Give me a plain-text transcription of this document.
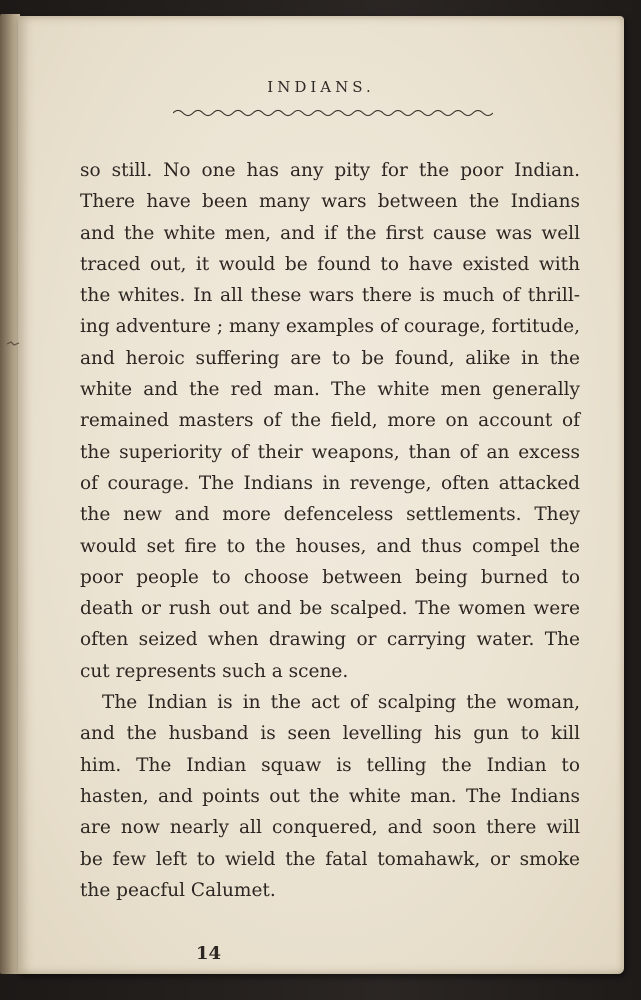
INDIANS.
so still. No one has any pity for the poor Indian.
There have been many wars between the Indians
and the white men, and if the first cause was well
traced out, it would be found to have existed with
the whites. In all these wars there is much of thrill-
ing adventure ; many examples of courage, fortitude,
and heroic suffering are to be found, alike in the
white and the red man. The white men generally
remained masters of the field, more on account of
the superiority of their weapons, than of an excess
of courage. The Indians in revenge, often attacked
the new and more defenceless settlements. They
would set fire to the houses, and thus compel the
poor people to choose between being burned to
death or rush out and be scalped. The women were
often seized when drawing or carrying water. The
cut represents such a scene.
The Indian is in the act of scalping the woman,
and the husband is seen levelling his gun to kill
him. The Indian squaw is telling the Indian to
hasten, and points out the white man. The Indians
are now nearly all conquered, and soon there will
be few left to wield the fatal tomahawk, or smoke
the peacful Calumet.
14
